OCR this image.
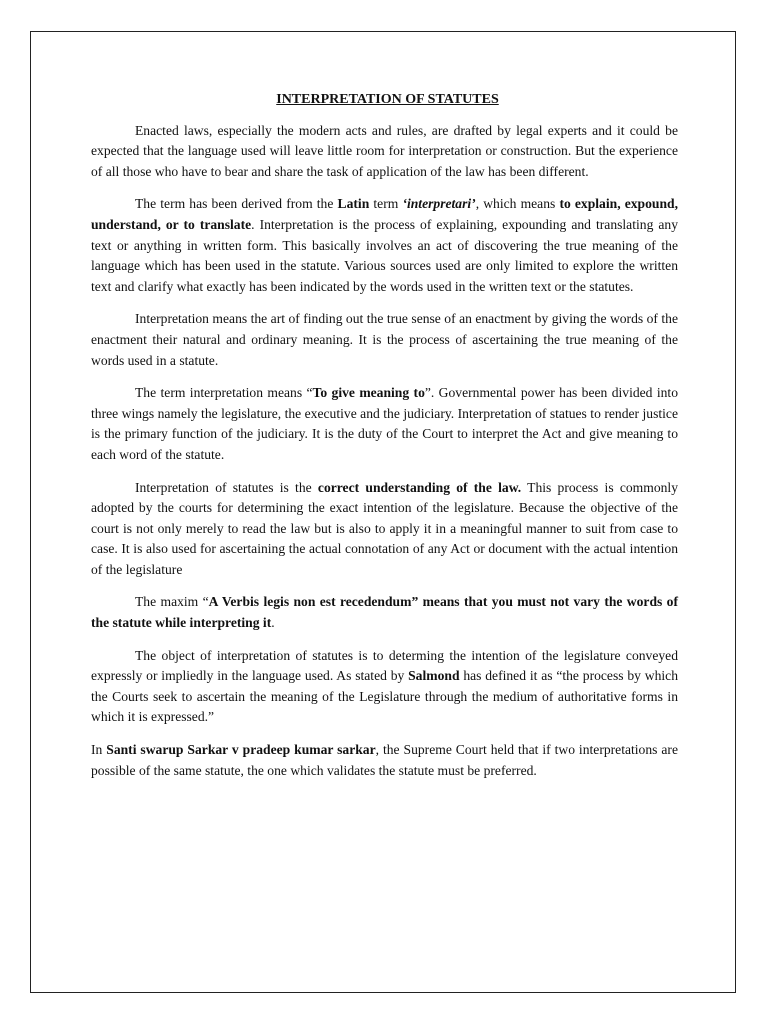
INTERPRETATION OF STATUTES
Enacted laws, especially the modern acts and rules, are drafted by legal experts and it could be expected that the language used will leave little room for interpretation or construction. But the experience of all those who have to bear and share the task of application of the law has been different.
The term has been derived from the Latin term ‘interpretari’, which means to explain, expound, understand, or to translate. Interpretation is the process of explaining, expounding and translating any text or anything in written form. This basically involves an act of discovering the true meaning of the language which has been used in the statute. Various sources used are only limited to explore the written text and clarify what exactly has been indicated by the words used in the written text or the statutes.
Interpretation means the art of finding out the true sense of an enactment by giving the words of the enactment their natural and ordinary meaning. It is the process of ascertaining the true meaning of the words used in a statute.
The term interpretation means “To give meaning to”. Governmental power has been divided into three wings namely the legislature, the executive and the judiciary. Interpretation of statues to render justice is the primary function of the judiciary. It is the duty of the Court to interpret the Act and give meaning to each word of the statute.
Interpretation of statutes is the correct understanding of the law. This process is commonly adopted by the courts for determining the exact intention of the legislature. Because the objective of the court is not only merely to read the law but is also to apply it in a meaningful manner to suit from case to case. It is also used for ascertaining the actual connotation of any Act or document with the actual intention of the legislature
The maxim “A Verbis legis non est recedendum” means that you must not vary the words of the statute while interpreting it.
The object of interpretation of statutes is to determing the intention of the legislature conveyed expressly or impliedly in the language used. As stated by Salmond has defined it as “the process by which the Courts seek to ascertain the meaning of the Legislature through the medium of authoritative forms in which it is expressed.”
In Santi swarup Sarkar v pradeep kumar sarkar, the Supreme Court held that if two interpretations are possible of the same statute, the one which validates the statute must be preferred.
